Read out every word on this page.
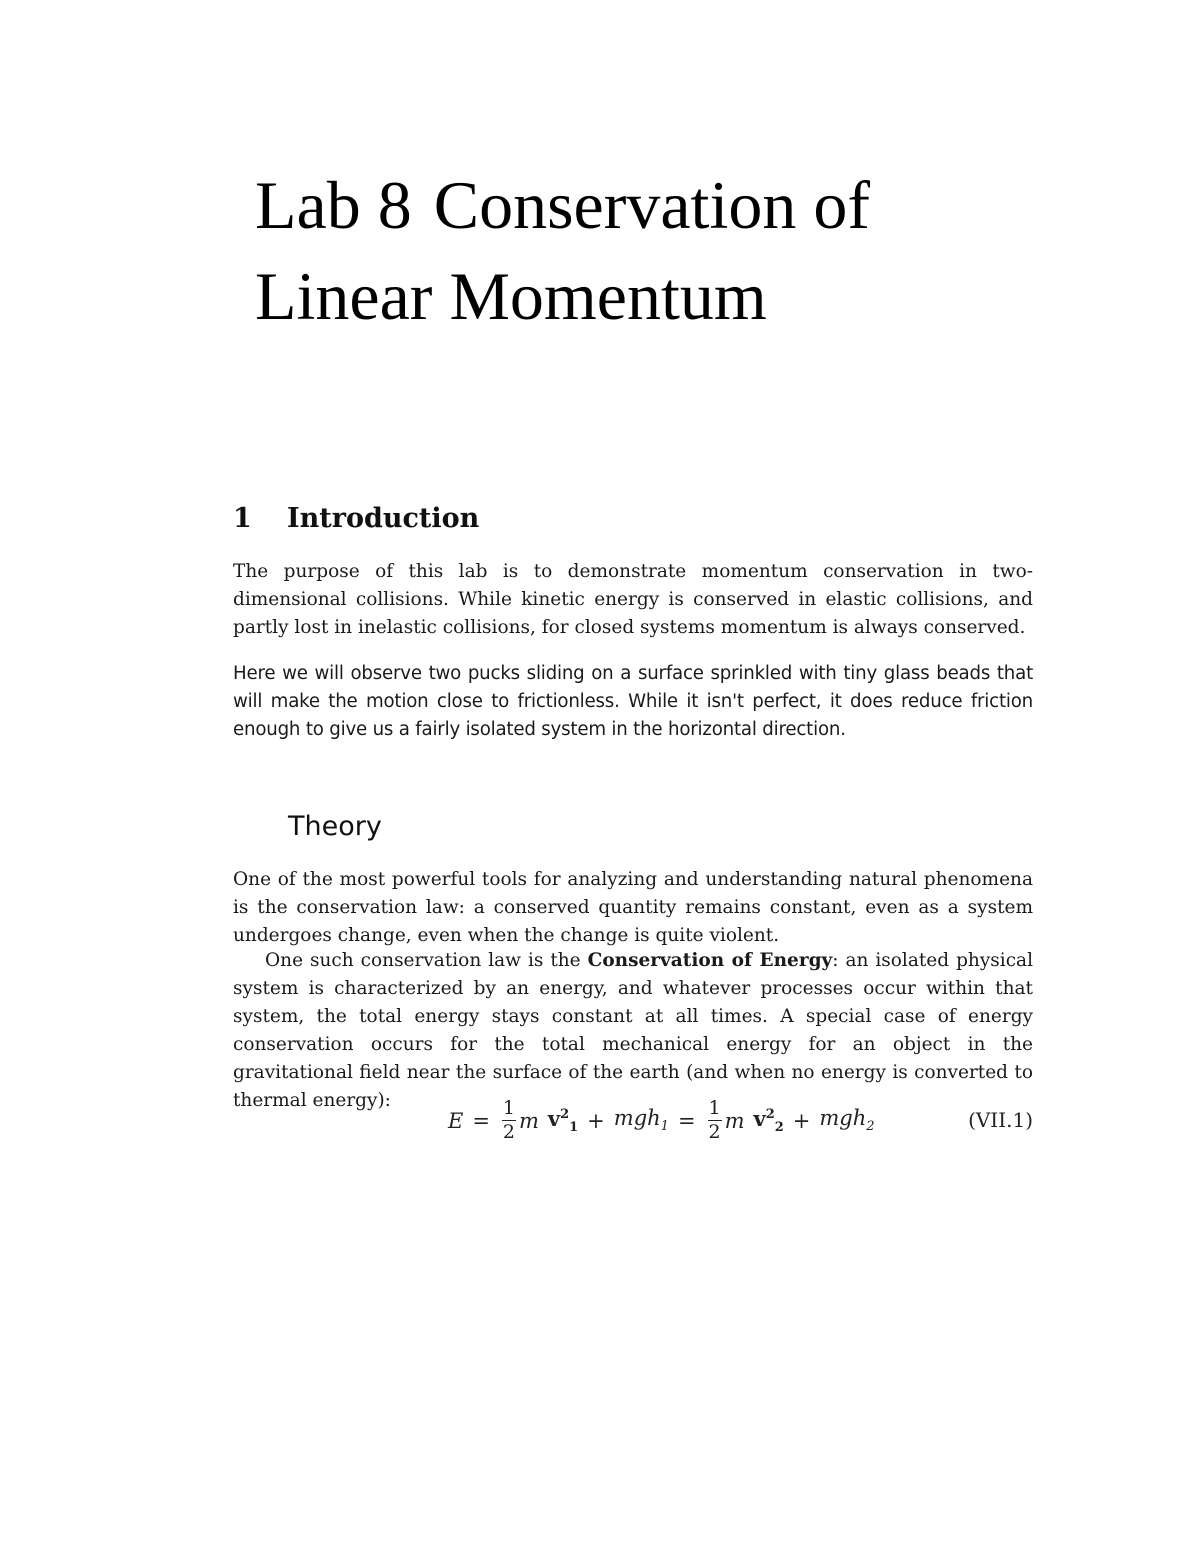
Lab 8 Conservation of
Linear Momentum
1 Introduction

The purpose of this lab is to demonstrate momentum conservation in two-dimensional collisions. While kinetic energy is conserved in elastic collisions, and partly lost in inelastic collisions, for closed systems momentum is always conserved.

Here we will observe two pucks sliding on a surface sprinkled with tiny glass beads that will make the motion close to frictionless. While it isn't perfect, it does reduce friction enough to give us a fairly isolated system in the horizontal direction.

Theory

One of the most powerful tools for analyzing and understanding natural phenomena is the conservation law: a conserved quantity remains constant, even as a system undergoes change, even when the change is quite violent.

One such conservation law is the Conservation of Energy: an isolated physical system is characterized by an energy, and whatever processes occur within that system, the total energy stays constant at all times. A special case of energy conservation occurs for the total mechanical energy for an object in the gravitational field near the surface of the earth (and when no energy is converted to thermal energy):

$E = \frac{1}{2}$ m $v^2_1 + mgh_1 = \frac{1}{2}$ m $v^2_2 + mgh_2$	(VII.1)
